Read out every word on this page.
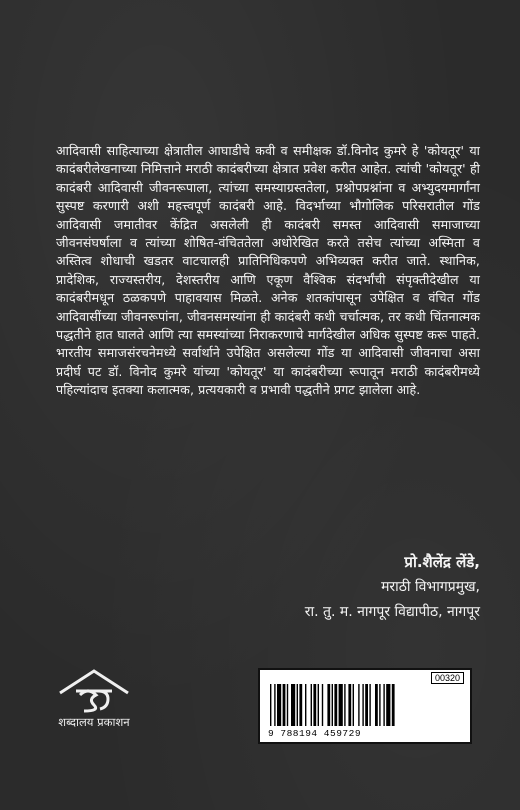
आदिवासी साहित्याच्या क्षेत्रातील आघाडीचे कवी व समीक्षक डॉ.विनोद कुमरे हे 'कोयतूर' या कादंबरीलेखनाच्या निमित्ताने मराठी कादंबरीच्या क्षेत्रात प्रवेश करीत आहेत. त्यांची 'कोयतूर' ही कादंबरी आदिवासी जीवनरूपाला, त्यांच्या समस्याग्रस्ततेला, प्रश्नोपप्रश्नांना व अभ्युदयमार्गांना सुस्पष्ट करणारी अशी महत्त्वपूर्ण कादंबरी आहे. विदर्भाच्या भौगोलिक परिसरातील गोंड आदिवासी जमातीवर केंद्रित असलेली ही कादंबरी समस्त आदिवासी समाजाच्या जीवनसंघर्षाला व त्यांच्या शोषित-वंचिततेला अधोरेखित करते तसेच त्यांच्या अस्मिता व अस्तित्व शोधाची खडतर वाटचालही प्रातिनिधिकपणे अभिव्यक्त करीत जाते. स्थानिक, प्रादेशिक, राज्यस्तरीय, देशस्तरीय आणि एकूण वैश्विक संदर्भांची संपृक्तीदेखील या कादंबरीमधून ठळकपणे पाहावयास मिळते. अनेक शतकांपासून उपेक्षित व वंचित गोंड आदिवासींच्या जीवनरूपांना, जीवनसमस्यांना ही कादंबरी कधी चर्चात्मक, तर कधी चिंतनात्मक पद्धतीने हात घालते आणि त्या समस्यांच्या निराकरणाचे मार्गदेखील अधिक सुस्पष्ट करू पाहते. भारतीय समाजसंरचनेमध्ये सर्वार्थाने उपेक्षित असलेल्या गोंड या आदिवासी जीवनाचा असा प्रदीर्घ पट डॉ. विनोद कुमरे यांच्या 'कोयतूर' या कादंबरीच्या रूपातून मराठी कादंबरीमध्ये पहिल्यांदाच इतक्या कलात्मक, प्रत्ययकारी व प्रभावी पद्धतीने प्रगट झालेला आहे.

प्रो.शैलेंद्र लेंडे,
मराठी विभागप्रमुख,
रा. तु. म. नागपूर विद्यापीठ, नागपूर
शब्दालय प्रकाशन
00320
9 788194 459729
